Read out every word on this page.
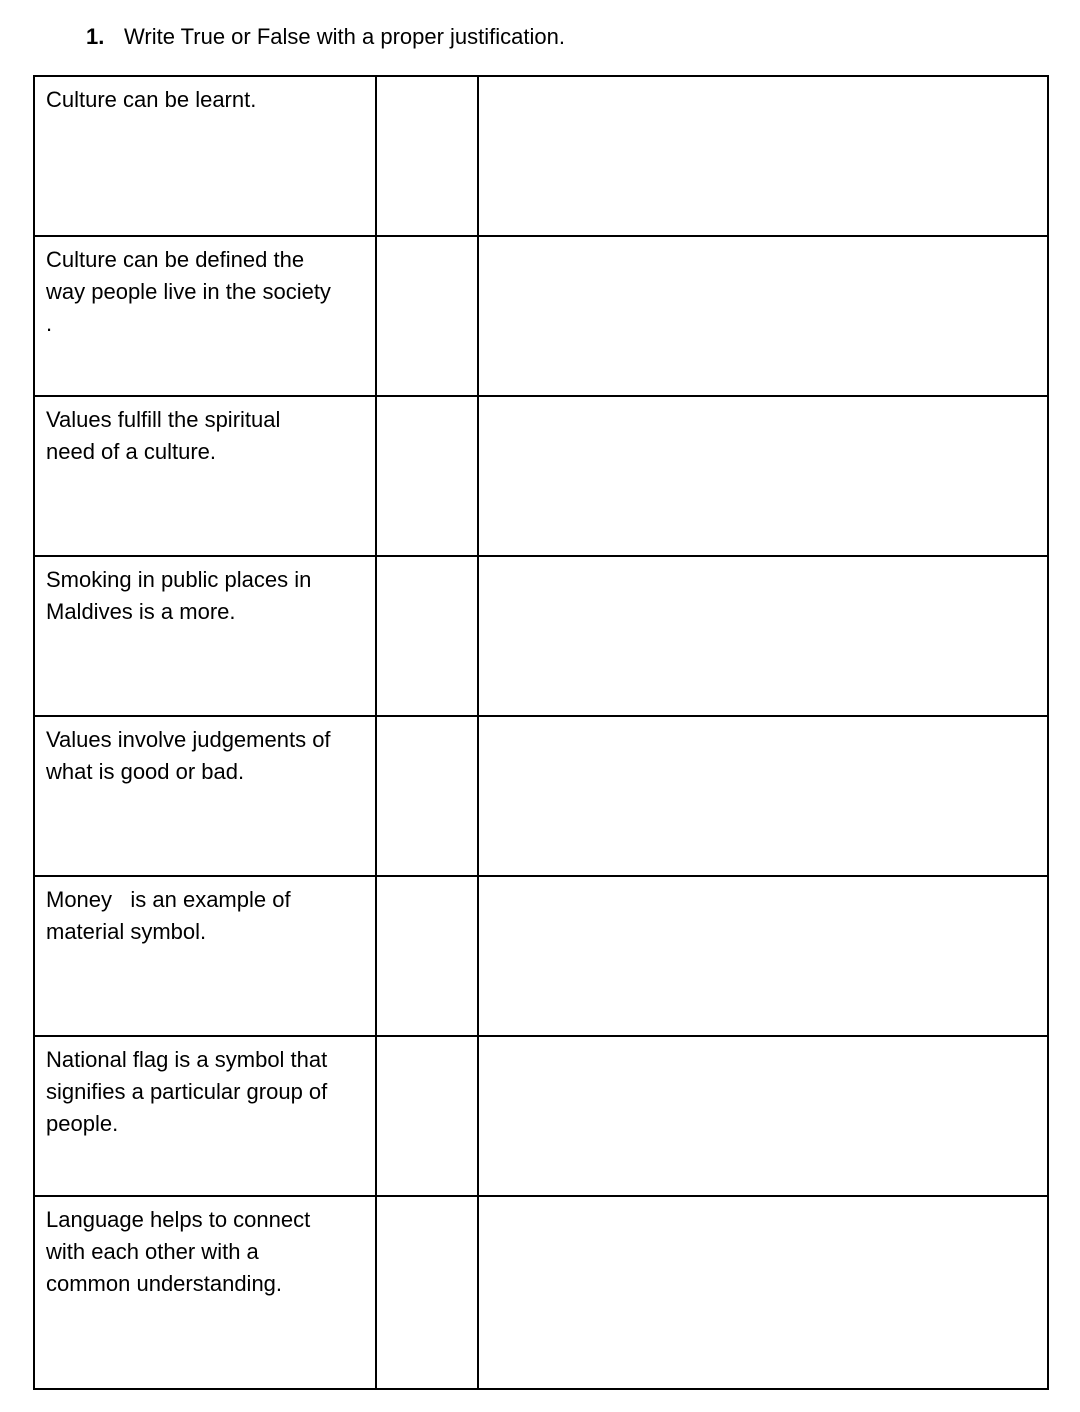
1. Write True or False with a proper justification.
Culture can be learnt.		

Culture can be defined the
way people live in the society
.		

Values fulfill the spiritual
need of a culture.		

Smoking in public places in
Maldives is a more.		

Values involve judgements of
what is good or bad.		

Money   is an example of
material symbol.		

National flag is a symbol that
signifies a particular group of
people.		

Language helps to connect
with each other with a
common understanding.		
